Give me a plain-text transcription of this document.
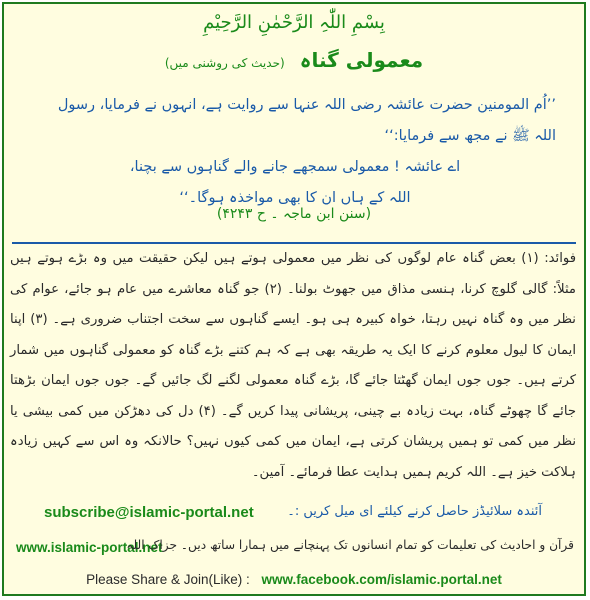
بِسْمِ اللّٰہِ الرَّحْمٰنِ الرَّحِیْمِ
معمولی گناہ (حدیث کی روشنی میں)

’’اُم المومنین حضرت عائشہ رضی اللہ عنہا سے روایت ہے، انہوں نے فرمایا، رسول اللہ ﷺ نے مجھ سے فرمایا:‘‘

اے عائشہ ! معمولی سمجھے جانے والے گناہوں سے بچنا،

اللہ کے ہاں ان کا بھی مواخذہ ہوگا۔‘‘

(سنن ابن ماجہ ۔ ح ۴۲۴۳)

فوائد: (۱) بعض گناہ عام لوگوں کی نظر میں معمولی ہوتے ہیں لیکن حقیقت میں وہ بڑے ہوتے ہیں مثلاً: گالی گلوچ کرنا، ہنسی مذاق میں جھوٹ بولنا۔ (۲) جو گناہ معاشرے میں عام ہو جائے، عوام کی نظر میں وہ گناہ نہیں رہتا، خواہ کبیرہ ہی ہو۔ ایسے گناہوں سے سخت اجتناب ضروری ہے۔ (۳) اپنا ایمان کا لیول معلوم کرنے کا ایک یہ طریقہ بھی ہے کہ ہم کتنے بڑے گناہ کو معمولی گناہوں میں شمار کرتے ہیں۔ جوں جوں ایمان گھٹتا جائے گا، بڑے گناہ معمولی لگنے لگ جائیں گے۔ جوں جوں ایمان بڑھتا جائے گا چھوٹے گناہ، بہت زیادہ بے چینی، پریشانی پیدا کریں گے۔ (۴) دل کی دھڑکن میں کمی بیشی یا نظر میں کمی تو ہمیں پریشان کرتی ہے، ایمان میں کمی کیوں نہیں؟ حالانکہ وہ اس سے کہیں زیادہ ہلاکت خیز ہے۔ اللہ کریم ہمیں ہدایت عطا فرمائے۔ آمین۔

subscribe@islamic-portal.net	آئندہ سلائیڈز حاصل کرنے کیلئے ای میل کریں :۔
www.islamic-portal.net
قرآن و احادیث کی تعلیمات کو تمام انسانوں تک پہنچانے میں ہمارا ساتھ دیں۔ جزاک اللہ
Please Share & Join(Like) : www.facebook.com/islamic.portal.net
